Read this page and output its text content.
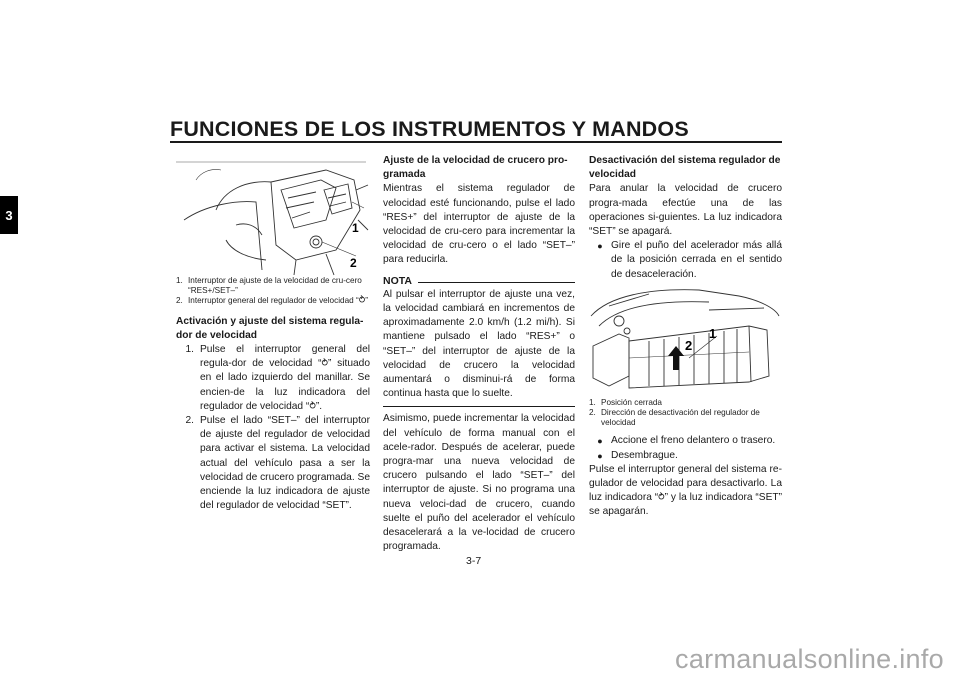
FUNCIONES DE LOS INSTRUMENTOS Y MANDOS
3
1
2
1. Interruptor de ajuste de la velocidad de cru-cero “RES+/SET–”
2. Interruptor general del regulador de velocidad “⥁”
Activación y ajuste del sistema regula-dor de velocidad
1. Pulse el interruptor general del regula-dor de velocidad “⥁” situado en el lado izquierdo del manillar. Se encien-de la luz indicadora del regulador de velocidad “⥁”.
2. Pulse el lado “SET–” del interruptor de ajuste del regulador de velocidad para activar el sistema. La velocidad actual del vehículo pasa a ser la velocidad de crucero programada. Se enciende la luz indicadora de ajuste del regulador de velocidad “SET”.
Ajuste de la velocidad de crucero pro-gramada
Mientras el sistema regulador de velocidad esté funcionando, pulse el lado “RES+” del interruptor de ajuste de la velocidad de cru-cero para incrementar la velocidad de cru-cero o el lado “SET–” para reducirla.
NOTA
Al pulsar el interruptor de ajuste una vez, la velocidad cambiará en incrementos de aproximadamente 2.0 km/h (1.2 mi/h). Si mantiene pulsado el lado “RES+” o “SET–” del interruptor de ajuste de la velocidad de crucero la velocidad aumentará o disminui-rá de forma continua hasta que lo suelte.
Asimismo, puede incrementar la velocidad del vehículo de forma manual con el acele-rador. Después de acelerar, puede progra-mar una nueva velocidad de crucero pulsando el lado “SET–” del interruptor de ajuste. Si no programa una nueva veloci-dad de crucero, cuando suelte el puño del acelerador el vehículo desacelerará a la ve-locidad de crucero programada.
Desactivación del sistema regulador de velocidad
Para anular la velocidad de crucero progra-mada efectúe una de las operaciones si-guientes. La luz indicadora “SET” se apagará.
● Gire el puño del acelerador más allá de la posición cerrada en el sentido de desaceleración.
2
1
1. Posición cerrada
2. Dirección de desactivación del regulador de velocidad
● Accione el freno delantero o trasero.
● Desembrague.
Pulse el interruptor general del sistema re-gulador de velocidad para desactivarlo. La luz indicadora “⥁” y la luz indicadora “SET” se apagarán.
3-7
carmanualsonline.info
